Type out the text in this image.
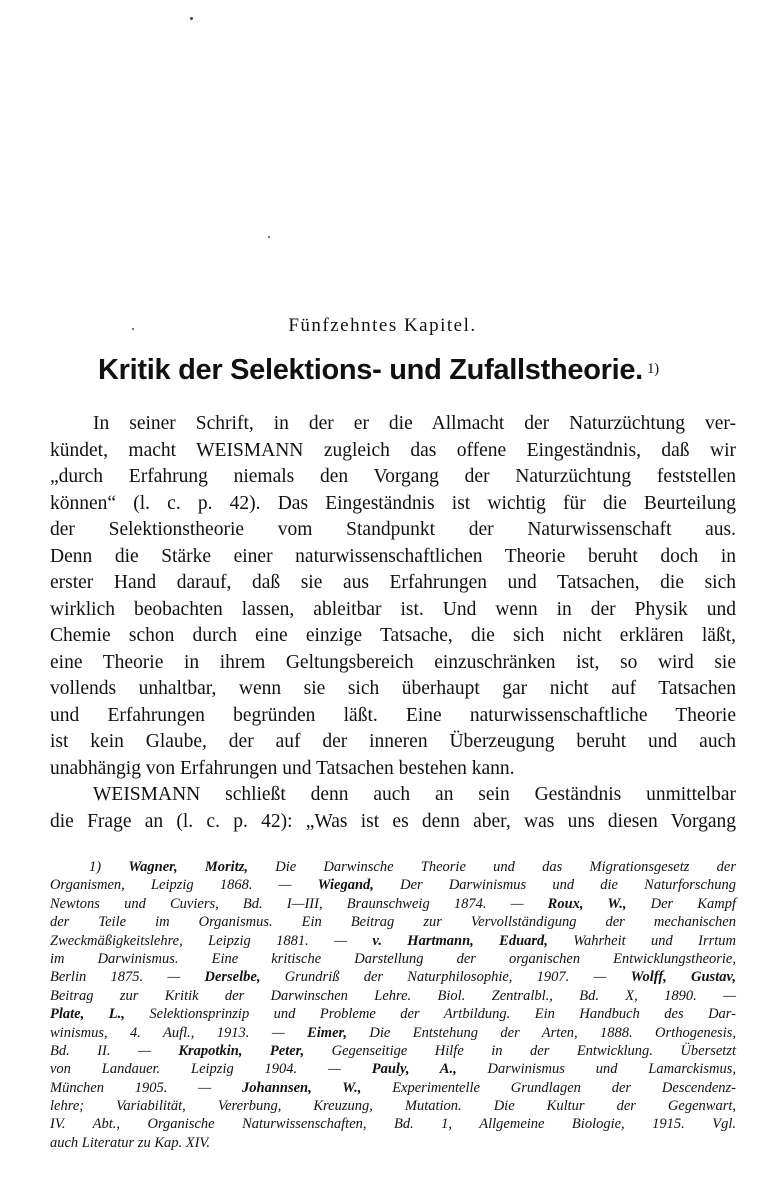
Fünfzehntes Kapitel.
Kritik der Selektions- und Zufallstheorie. $^{1)}$
In seiner Schrift, in der er die Allmacht der Naturzüchtung ver-
kündet, macht WEISMANN zugleich das offene Eingeständnis, daß wir
„durch Erfahrung niemals den Vorgang der Naturzüchtung feststellen
können“ (l. c. p. 42). Das Eingeständnis ist wichtig für die Beurteilung
der Selektionstheorie vom Standpunkt der Naturwissenschaft aus.
Denn die Stärke einer naturwissenschaftlichen Theorie beruht doch in
erster Hand darauf, daß sie aus Erfahrungen und Tatsachen, die sich
wirklich beobachten lassen, ableitbar ist. Und wenn in der Physik und
Chemie schon durch eine einzige Tatsache, die sich nicht erklären läßt,
eine Theorie in ihrem Geltungsbereich einzuschränken ist, so wird sie
vollends unhaltbar, wenn sie sich überhaupt gar nicht auf Tatsachen
und Erfahrungen begründen läßt. Eine naturwissenschaftliche Theorie
ist kein Glaube, der auf der inneren Überzeugung beruht und auch
unabhängig von Erfahrungen und Tatsachen bestehen kann.
WEISMANN schließt denn auch an sein Geständnis unmittelbar
die Frage an (l. c. p. 42): „Was ist es denn aber, was uns diesen Vorgang
1) Wagner, Moritz, Die Darwinsche Theorie und das Migrationsgesetz der
Organismen, Leipzig 1868. — Wiegand, Der Darwinismus und die Naturforschung
Newtons und Cuviers, Bd. I—III, Braunschweig 1874. — Roux, W., Der Kampf
der Teile im Organismus. Ein Beitrag zur Vervollständigung der mechanischen
Zweckmäßigkeitslehre, Leipzig 1881. — v. Hartmann, Eduard, Wahrheit und Irrtum
im Darwinismus. Eine kritische Darstellung der organischen Entwicklungstheorie,
Berlin 1875. — Derselbe, Grundriß der Naturphilosophie, 1907. — Wolff, Gustav,
Beitrag zur Kritik der Darwinschen Lehre. Biol. Zentralbl., Bd. X, 1890. —
Plate, L., Selektionsprinzip und Probleme der Artbildung. Ein Handbuch des Dar-
winismus, 4. Aufl., 1913. — Eimer, Die Entstehung der Arten, 1888. Orthogenesis,
Bd. II. — Krapotkin, Peter, Gegenseitige Hilfe in der Entwicklung. Übersetzt
von Landauer. Leipzig 1904. — Pauly, A., Darwinismus und Lamarckismus,
München 1905. — Johannsen, W., Experimentelle Grundlagen der Descendenz-
lehre; Variabilität, Vererbung, Kreuzung, Mutation. Die Kultur der Gegenwart,
IV. Abt., Organische Naturwissenschaften, Bd. 1, Allgemeine Biologie, 1915. Vgl.
auch Literatur zu Kap. XIV.
